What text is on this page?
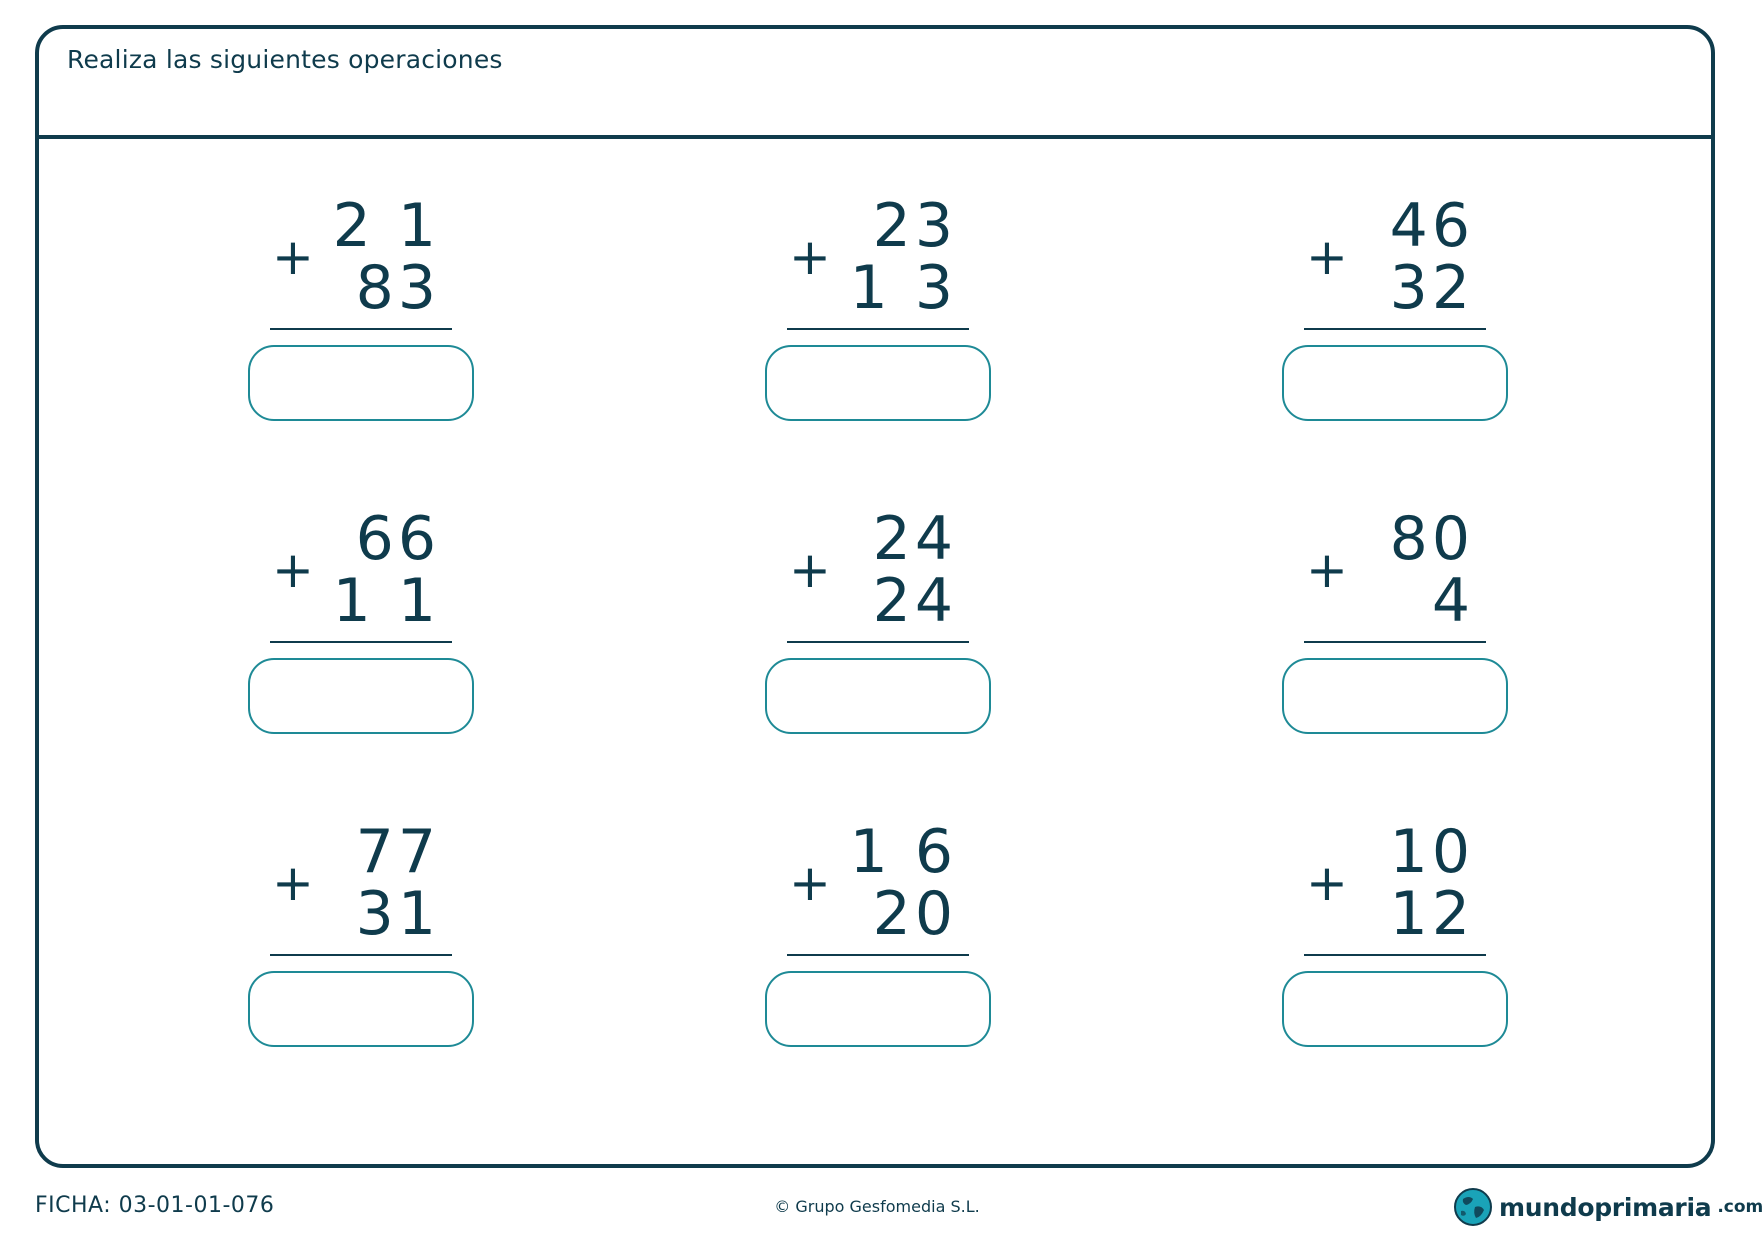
Realiza las siguientes operaciones
+ 2 1
83	+ 23
1 3	+ 46
32
+ 66
1 1	+ 24
24	+ 80
4
+ 77
31	+ 1 6
20	+ 10
12
FICHA: 03-01-01-076	© Grupo Gesfomedia S.L.	mundoprimaria .com
